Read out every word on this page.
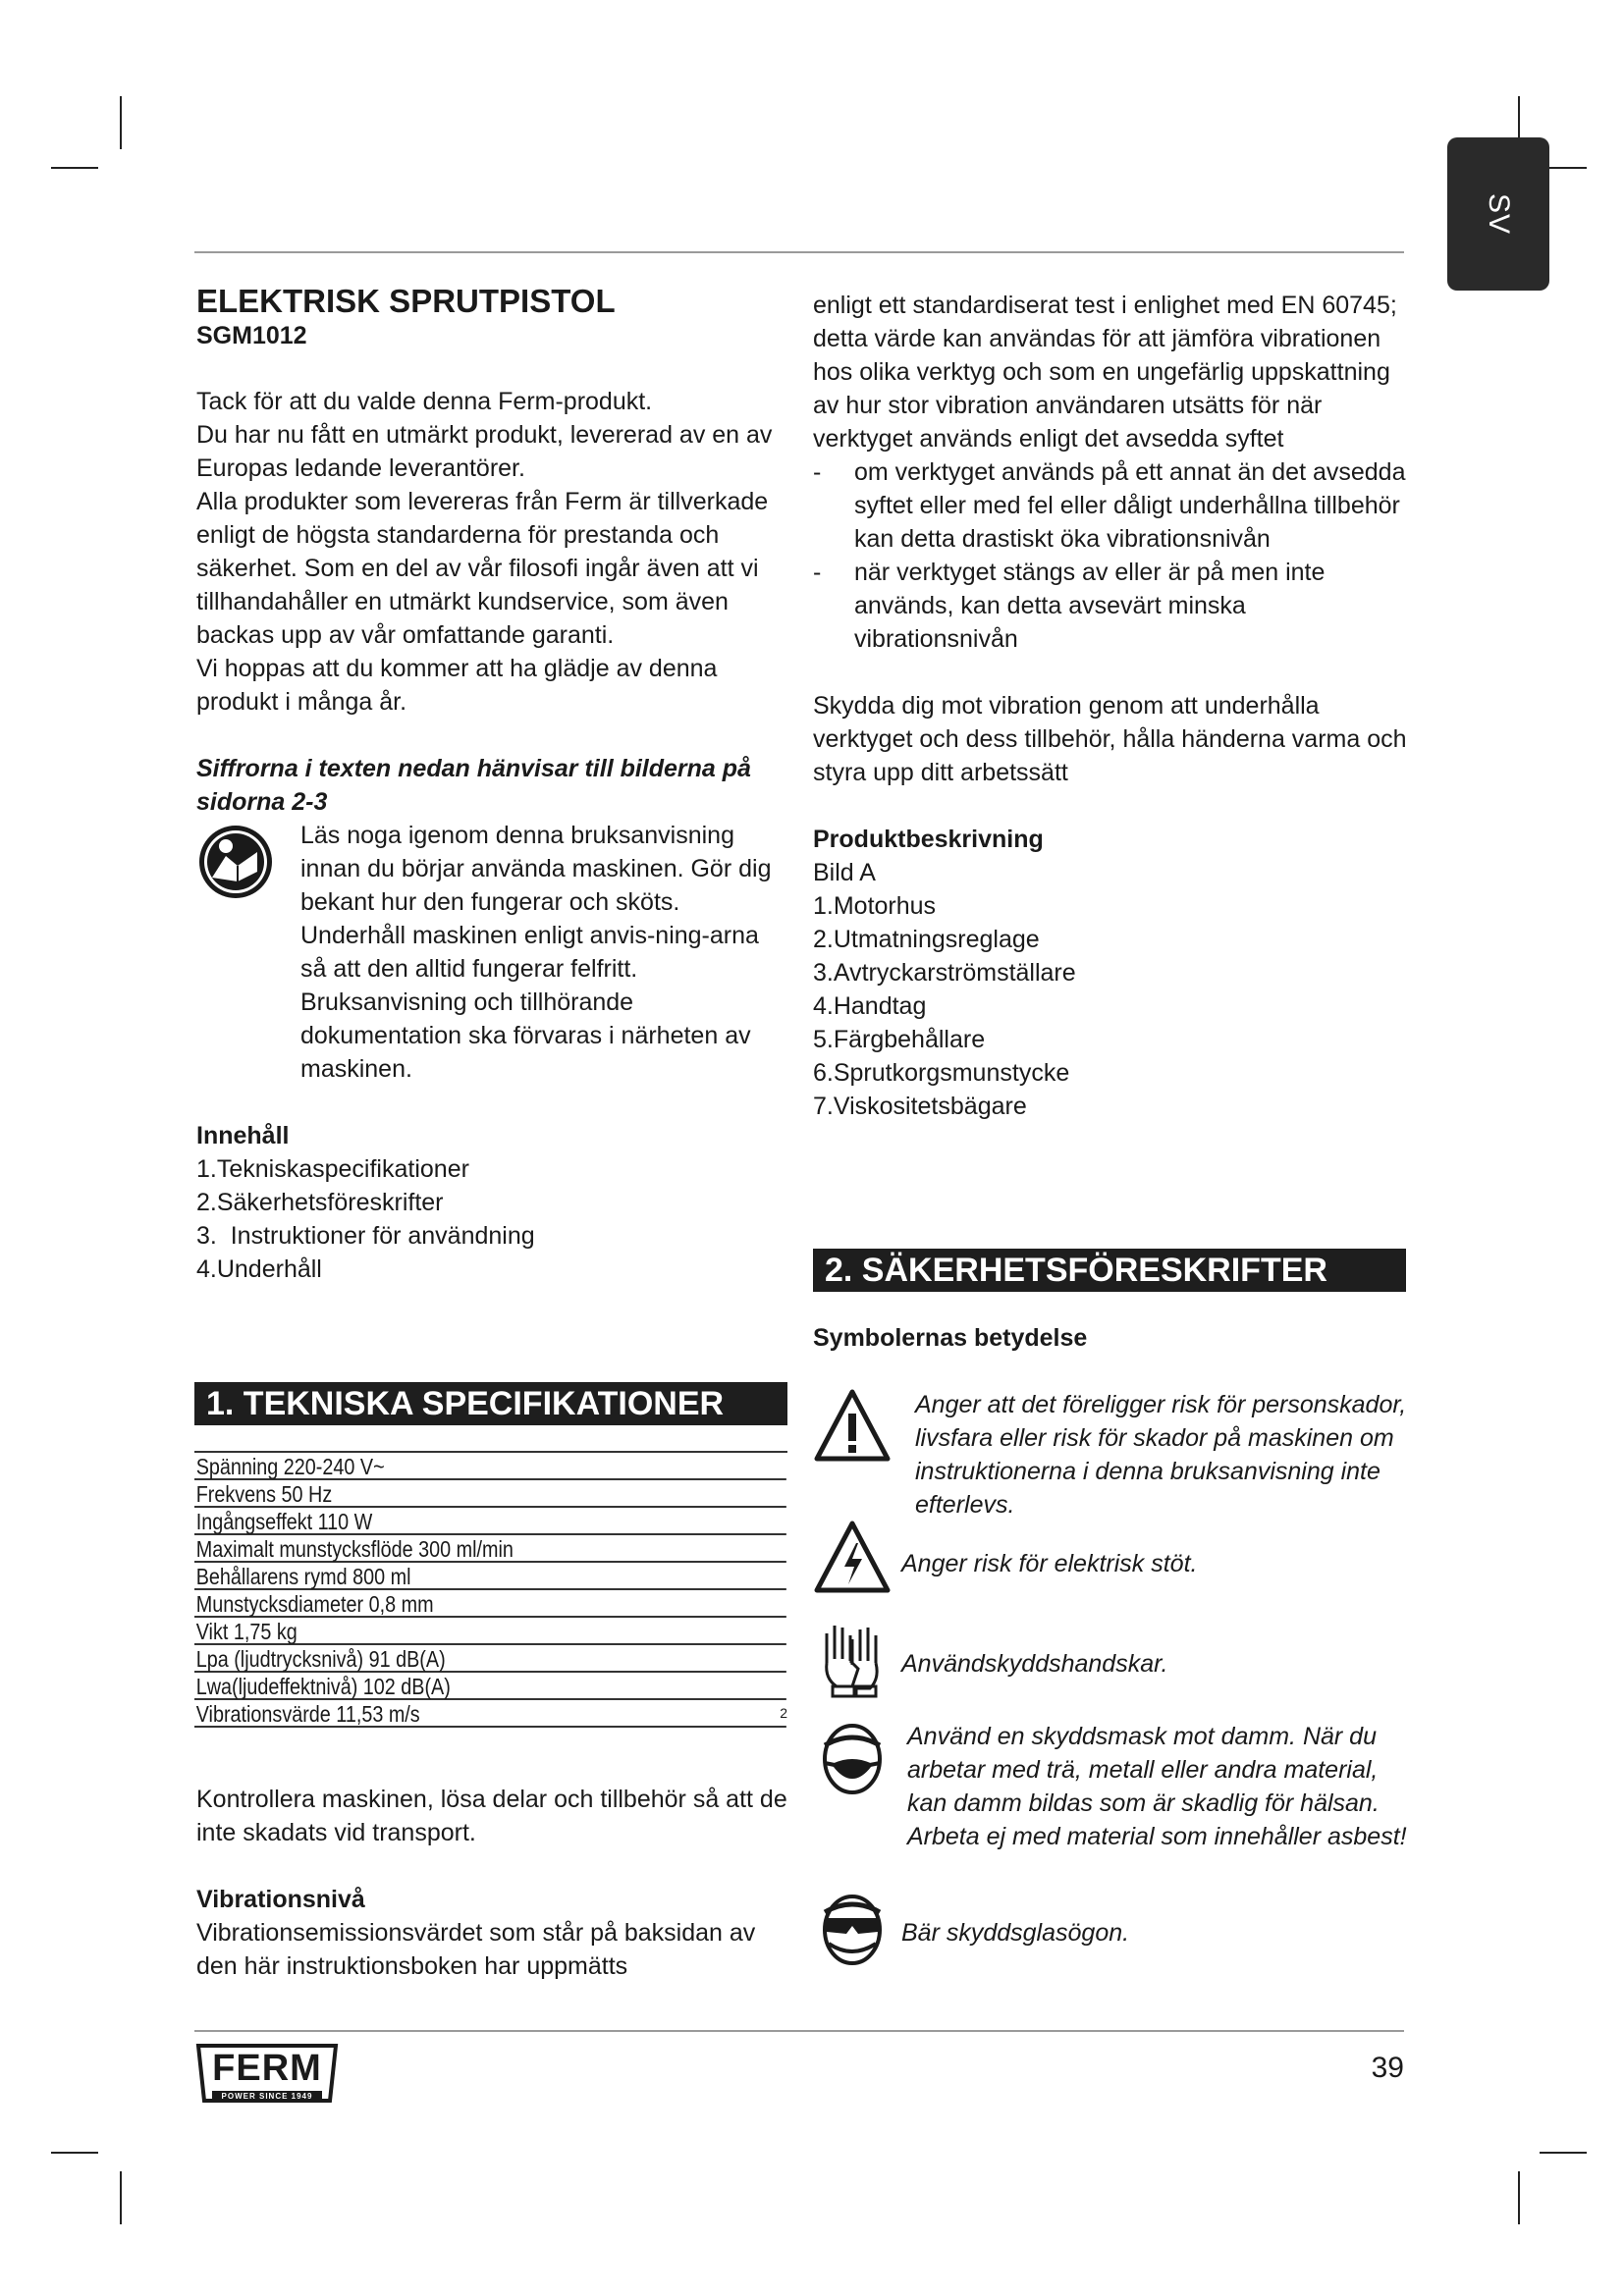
SV

ELEKTRISK SPRUTPISTOL

SGM1012

Tack för att du valde denna Ferm-produkt.

Du har nu fått en utmärkt produkt, levererad av en av Europas ledande leverantörer.

Alla produkter som levereras från Ferm är tillverkade enligt de högsta standarderna för prestanda och säkerhet. Som en del av vår filosofi ingår även att vi tillhandahåller en utmärkt kundservice, som även backas upp av vår omfattande garanti.

Vi hoppas att du kommer att ha glädje av denna produkt i många år.

Siffrorna i texten nedan hänvisar till bilderna på sidorna 2-3

Läs noga igenom denna bruksanvisning innan du börjar använda maskinen. Gör dig bekant hur den fungerar och sköts. Underhåll maskinen enligt anvis-ning-arna så att den alltid fungerar felfritt. Bruksanvisning och tillhörande dokumentation ska förvaras i närheten av maskinen.

Innehåll

1.Tekniskaspecifikationer

2.Säkerhetsföreskrifter

3.  Instruktioner för användning

4.Underhåll

1. TEKNISKA SPECIFIKATIONER
Spänning 220-240 V~
Frekvens 50 Hz
Ingångseffekt 110 W
Maximalt munstycksflöde 300 ml/min
Behållarens rymd 800 ml
Munstycksdiameter 0,8 mm
Vikt 1,75 kg
Lpa (ljudtrycksnivå) 91 dB(A)
Lwa(ljudeffektnivå) 102 dB(A)
Vibrationsvärde 11,53 m/s	2

Kontrollera maskinen, lösa delar och tillbehör så att de inte skadats vid transport.

Vibrationsnivå

Vibrationsemissionsvärdet som står på baksidan av den här instruktionsboken har uppmätts

enligt ett standardiserat test i enlighet med EN 60745; detta värde kan användas för att jämföra vibrationen hos olika verktyg och som en ungefärlig uppskattning av hur stor vibration användaren utsätts för när verktyget används enligt det avsedda syftet

-	om verktyget används på ett annat än det avsedda syftet eller med fel eller dåligt underhållna tillbehör kan detta drastiskt öka vibrationsnivån
-	när verktyget stängs av eller är på men inte används, kan detta avsevärt minska vibrationsnivån

Skydda dig mot vibration genom att underhålla verktyget och dess tillbehör, hålla händerna varma och styra upp ditt arbetssätt

Produktbeskrivning

Bild A

1.Motorhus

2.Utmatningsreglage

3.Avtryckarströmställare

4.Handtag

5.Färgbehållare

6.Sprutkorgsmunstycke

7.Viskositetsbägare

2. SÄKERHETSFÖRESKRIFTER

Symbolernas betydelse

Anger att det föreligger risk för personskador, livsfara eller risk för skador på maskinen om instruktionerna i denna bruksanvisning inte efterlevs.
Anger risk för elektrisk stöt.
Användskyddshandskar.
Använd en skyddsmask mot damm. När du arbetar med trä, metall eller andra material, kan damm bildas som är skadlig för hälsan. Arbeta ej med material som innehåller asbest!
Bär skyddsglasögon.
FERM
POWER SINCE 1949
39
